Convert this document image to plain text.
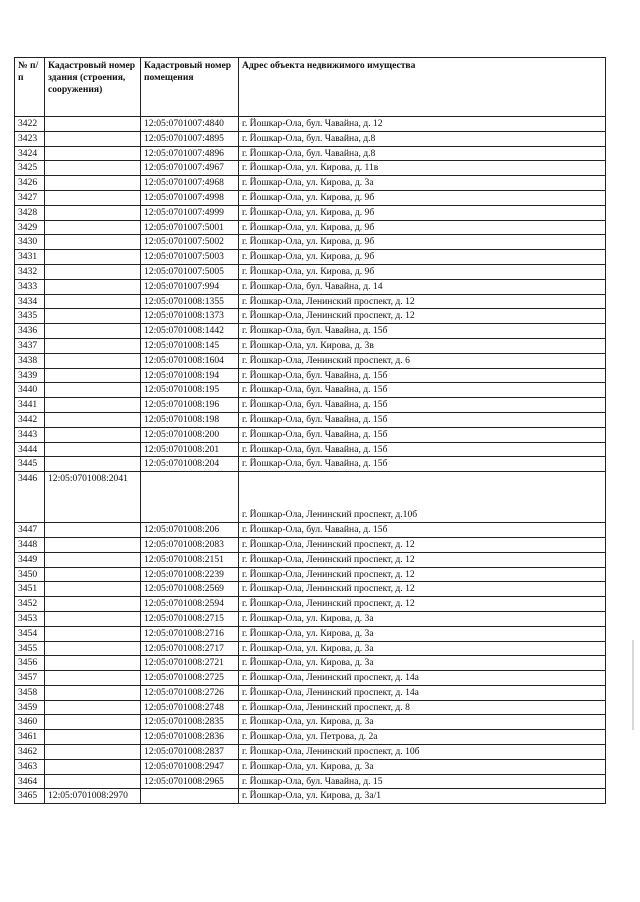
№ п/п	Кадастровый номер здания (строения, сооружения)	Кадастровый номер помещения	Адрес объекта недвижимого имущества
3422		12:05:0701007:4840	г. Йошкар-Ола, бул. Чавайна, д. 12
3423		12:05:0701007:4895	г. Йошкар-Ола, бул. Чавайна, д.8
3424		12:05:0701007:4896	г. Йошкар-Ола, бул. Чавайна, д.8
3425		12:05:0701007:4967	г. Йошкар-Ола, ул. Кирова, д. 11в
3426		12:05:0701007:4968	г. Йошкар-Ола, ул. Кирова, д. 3а
3427		12:05:0701007:4998	г. Йошкар-Ола, ул. Кирова, д. 9б
3428		12:05:0701007:4999	г. Йошкар-Ола, ул. Кирова, д. 9б
3429		12:05:0701007:5001	г. Йошкар-Ола, ул. Кирова, д. 9б
3430		12:05:0701007:5002	г. Йошкар-Ола, ул. Кирова, д. 9б
3431		12:05:0701007:5003	г. Йошкар-Ола, ул. Кирова, д. 9б
3432		12:05:0701007:5005	г. Йошкар-Ола, ул. Кирова, д. 9б
3433		12:05:0701007:994	г. Йошкар-Ола, бул. Чавайна, д. 14
3434		12:05:0701008:1355	г. Йошкар-Ола, Ленинский проспект, д. 12
3435		12:05:0701008:1373	г. Йошкар-Ола, Ленинский проспект, д. 12
3436		12:05:0701008:1442	г. Йошкар-Ола, бул. Чавайна, д. 15б
3437		12:05:0701008:145	г. Йошкар-Ола, ул. Кирова, д. 3в
3438		12:05:0701008:1604	г. Йошкар-Ола, Ленинский проспект, д. 6
3439		12:05:0701008:194	г. Йошкар-Ола, бул. Чавайна, д. 15б
3440		12:05:0701008:195	г. Йошкар-Ола, бул. Чавайна, д. 15б
3441		12:05:0701008:196	г. Йошкар-Ола, бул. Чавайна, д. 15б
3442		12:05:0701008:198	г. Йошкар-Ола, бул. Чавайна, д. 15б
3443		12:05:0701008:200	г. Йошкар-Ола, бул. Чавайна, д. 15б
3444		12:05:0701008:201	г. Йошкар-Ола, бул. Чавайна, д. 15б
3445		12:05:0701008:204	г. Йошкар-Ола, бул. Чавайна, д. 15б
3446	12:05:0701008:2041		г. Йошкар-Ола, Ленинский проспект, д.10б
3447		12:05:0701008:206	г. Йошкар-Ола, бул. Чавайна, д. 15б
3448		12:05:0701008:2083	г. Йошкар-Ола, Ленинский проспект, д. 12
3449		12:05:0701008:2151	г. Йошкар-Ола, Ленинский проспект, д. 12
3450		12:05:0701008:2239	г. Йошкар-Ола, Ленинский проспект, д. 12
3451		12:05:0701008:2569	г. Йошкар-Ола, Ленинский проспект, д. 12
3452		12:05:0701008:2594	г. Йошкар-Ола, Ленинский проспект, д. 12
3453		12:05:0701008:2715	г. Йошкар-Ола, ул. Кирова, д. 3а
3454		12:05:0701008:2716	г. Йошкар-Ола, ул. Кирова, д. 3а
3455		12:05:0701008:2717	г. Йошкар-Ола, ул. Кирова, д. 3а
3456		12:05:0701008:2721	г. Йошкар-Ола, ул. Кирова, д. 3а
3457		12:05:0701008:2725	г. Йошкар-Ола, Ленинский проспект, д. 14а
3458		12:05:0701008:2726	г. Йошкар-Ола, Ленинский проспект, д. 14а
3459		12:05:0701008:2748	г. Йошкар-Ола, Ленинский проспект, д. 8
3460		12:05:0701008:2835	г. Йошкар-Ола, ул. Кирова, д. 3а
3461		12:05:0701008:2836	г. Йошкар-Ола, ул. Петрова, д. 2а
3462		12:05:0701008:2837	г. Йошкар-Ола, Ленинский проспект, д. 10б
3463		12:05:0701008:2947	г. Йошкар-Ола, ул. Кирова, д. 3а
3464		12:05:0701008:2965	г. Йошкар-Ола, бул. Чавайна, д. 15
3465	12:05:0701008:2970		г. Йошкар-Ола, ул. Кирова, д. 3а/1
